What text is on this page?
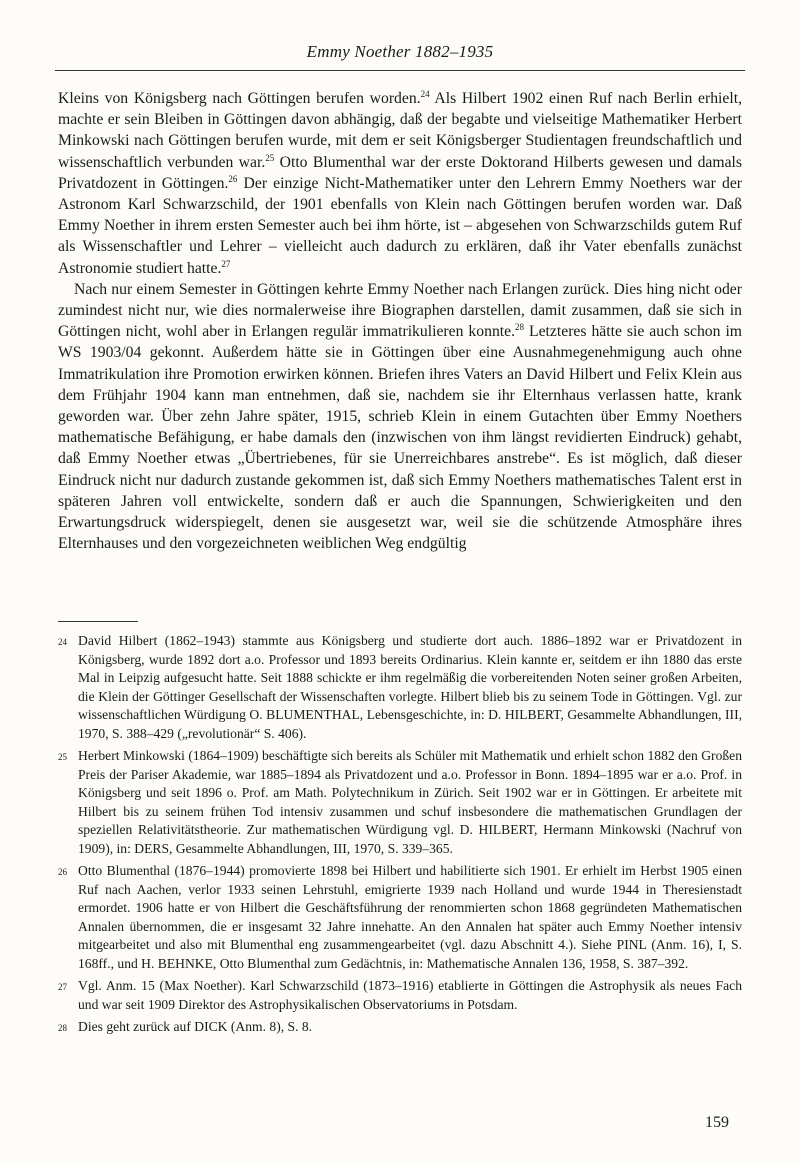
Emmy Noether 1882–1935

Kleins von Königsberg nach Göttingen berufen worden.$^{24}$ Als Hilbert 1902 einen Ruf nach Berlin erhielt, machte er sein Bleiben in Göttingen davon abhängig, daß der begabte und vielseitige Mathematiker Herbert Minkowski nach Göttingen berufen wurde, mit dem er seit Königsberger Studientagen freundschaftlich und wissenschaftlich verbunden war.$^{25}$ Otto Blumenthal war der erste Doktorand Hilberts gewesen und damals Privatdozent in Göttingen.$^{26}$ Der einzige Nicht-Mathematiker unter den Lehrern Emmy Noethers war der Astronom Karl Schwarzschild, der 1901 ebenfalls von Klein nach Göttingen berufen worden war. Daß Emmy Noether in ihrem ersten Semester auch bei ihm hörte, ist – abgesehen von Schwarzschilds gutem Ruf als Wissenschaftler und Lehrer – vielleicht auch dadurch zu erklären, daß ihr Vater ebenfalls zunächst Astronomie studiert hatte.$^{27}$

Nach nur einem Semester in Göttingen kehrte Emmy Noether nach Erlangen zurück. Dies hing nicht oder zumindest nicht nur, wie dies normalerweise ihre Biographen darstellen, damit zusammen, daß sie sich in Göttingen nicht, wohl aber in Erlangen regulär immatrikulieren konnte.$^{28}$ Letzteres hätte sie auch schon im WS 1903/04 gekonnt. Außerdem hätte sie in Göttingen über eine Ausnahmegenehmigung auch ohne Immatrikulation ihre Promotion erwirken können. Briefen ihres Vaters an David Hilbert und Felix Klein aus dem Frühjahr 1904 kann man entnehmen, daß sie, nachdem sie ihr Elternhaus verlassen hatte, krank geworden war. Über zehn Jahre später, 1915, schrieb Klein in einem Gutachten über Emmy Noethers mathematische Befähigung, er habe damals den (inzwischen von ihm längst revidierten Eindruck) gehabt, daß Emmy Noether etwas „Übertriebenes, für sie Unerreichbares anstrebe“. Es ist möglich, daß dieser Eindruck nicht nur dadurch zustande gekommen ist, daß sich Emmy Noethers mathematisches Talent erst in späteren Jahren voll entwickelte, sondern daß er auch die Spannungen, Schwierigkeiten und den Erwartungsdruck widerspiegelt, denen sie ausgesetzt war, weil sie die schützende Atmosphäre ihres Elternhauses und den vorgezeichneten weiblichen Weg endgültig

24 David Hilbert (1862–1943) stammte aus Königsberg und studierte dort auch. 1886–1892 war er Privatdozent in Königsberg, wurde 1892 dort a.o. Professor und 1893 bereits Ordinarius. Klein kannte er, seitdem er ihn 1880 das erste Mal in Leipzig aufgesucht hatte. Seit 1888 schickte er ihm regelmäßig die vorbereitenden Noten seiner großen Arbeiten, die Klein der Göttinger Gesellschaft der Wissenschaften vorlegte. Hilbert blieb bis zu seinem Tode in Göttingen. Vgl. zur wissenschaftlichen Würdigung O. BLUMENTHAL, Lebensgeschichte, in: D. HILBERT, Gesammelte Abhandlungen, III, 1970, S. 388–429 („revolutionär“ S. 406).
25 Herbert Minkowski (1864–1909) beschäftigte sich bereits als Schüler mit Mathematik und erhielt schon 1882 den Großen Preis der Pariser Akademie, war 1885–1894 als Privatdozent und a.o. Professor in Bonn. 1894–1895 war er a.o. Prof. in Königsberg und seit 1896 o. Prof. am Math. Polytechnikum in Zürich. Seit 1902 war er in Göttingen. Er arbeitete mit Hilbert bis zu seinem frühen Tod intensiv zusammen und schuf insbesondere die mathematischen Grundlagen der speziellen Relativitätstheorie. Zur mathematischen Würdigung vgl. D. HILBERT, Hermann Minkowski (Nachruf von 1909), in: DERS, Gesammelte Abhandlungen, III, 1970, S. 339–365.
26 Otto Blumenthal (1876–1944) promovierte 1898 bei Hilbert und habilitierte sich 1901. Er erhielt im Herbst 1905 einen Ruf nach Aachen, verlor 1933 seinen Lehrstuhl, emigrierte 1939 nach Holland und wurde 1944 in Theresienstadt ermordet. 1906 hatte er von Hilbert die Geschäftsführung der renommierten schon 1868 gegründeten Mathematischen Annalen übernommen, die er insgesamt 32 Jahre innehatte. An den Annalen hat später auch Emmy Noether intensiv mitgearbeitet und also mit Blumenthal eng zusammengearbeitet (vgl. dazu Abschnitt 4.). Siehe PINL (Anm. 16), I, S. 168ff., und H. BEHNKE, Otto Blumenthal zum Gedächtnis, in: Mathematische Annalen 136, 1958, S. 387–392.
27 Vgl. Anm. 15 (Max Noether). Karl Schwarzschild (1873–1916) etablierte in Göttingen die Astrophysik als neues Fach und war seit 1909 Direktor des Astrophysikalischen Observatoriums in Potsdam.
28 Dies geht zurück auf DICK (Anm. 8), S. 8.
159
